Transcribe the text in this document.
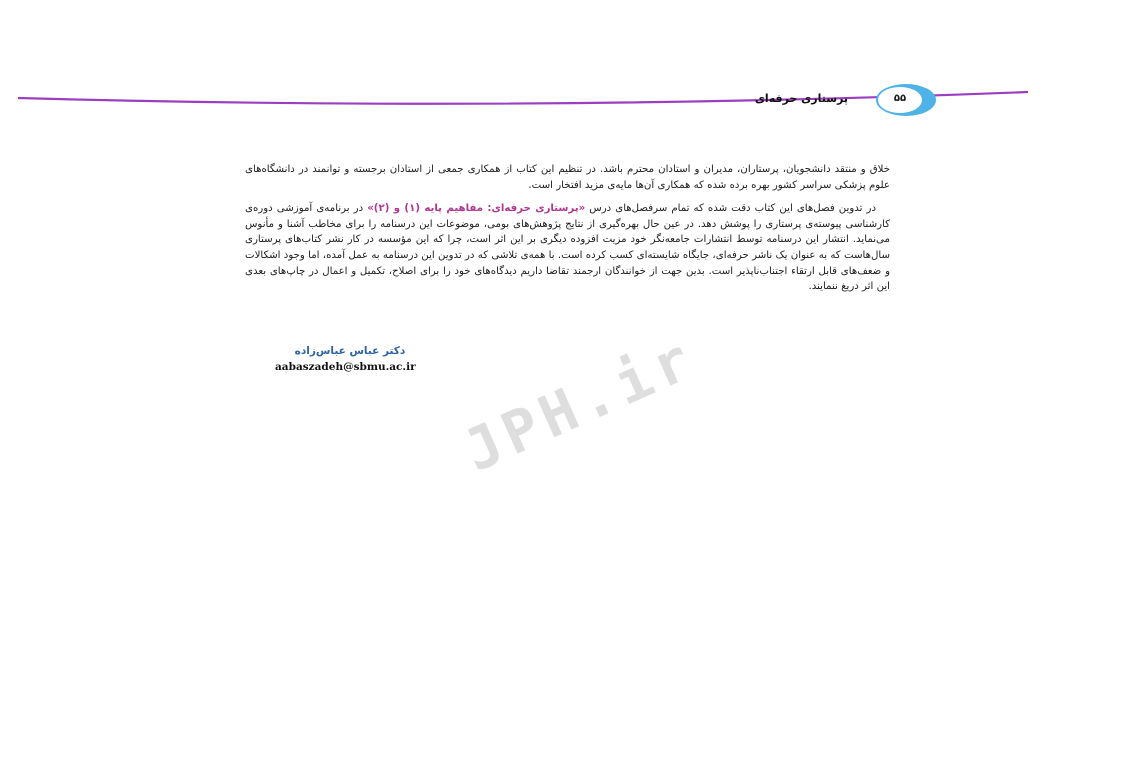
۵۵
پرستاری حرفه‌ای

خلاق و منتقد دانشجویان، پرستاران، مدیران و استادان محترم باشد. در تنظیم این کتاب از همکاری جمعی از استادان برجسته و توانمند در دانشگاه‌های علوم پزشکی سراسر کشور بهره برده شده که همکاری آن‌ها مایه‌ی مزید افتخار است.

در تدوین فصل‌های این کتاب دقت شده که تمام سرفصل‌های درس «پرستاری حرفه‌ای: مفاهیم پایه (۱) و (۲)» در برنامه‌ی آموزشی دوره‌ی کارشناسی پیوسته‌ی پرستاری را پوشش دهد. در عین حال بهره‌گیری از نتایج پژوهش‌های بومی، موضوعات این درسنامه را برای مخاطب آشنا و مأنوس می‌نماید. انتشار این درسنامه توسط انتشارات جامعه‌نگر خود مزیت افزوده دیگری بر این اثر است، چرا که این مؤسسه در کار نشر کتاب‌های پرستاری سال‌هاست که به عنوان یک ناشر حرفه‌ای، جایگاه شایسته‌ای کسب کرده است. با همه‌ی تلاشی که در تدوین این درسنامه به عمل آمده، اما وجود اشکالات و ضعف‌های قابل ارتقاء اجتناب‌ناپذیر است. بدین جهت از خوانندگان ارجمند تقاضا داریم دیدگاه‌های خود را برای اصلاح، تکمیل و اعمال در چاپ‌های بعدی این اثر دریغ ننمایند.

دکتر عباس عباس‌زاده
aabaszadeh@sbmu.ac.ir JPH.ir
